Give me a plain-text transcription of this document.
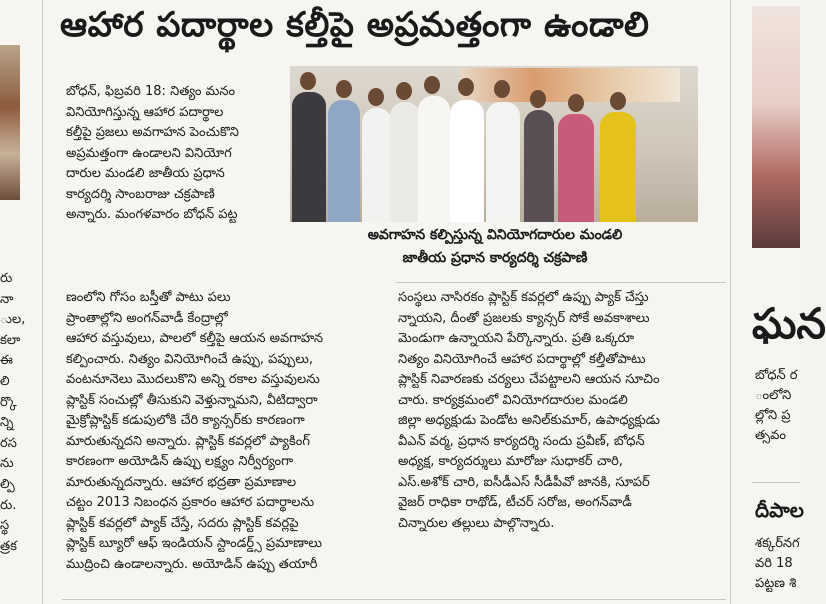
రు
నా
ుల,
కలా
ఈ
లి
ర్కొ
న్ని
రస
ను
ల్పి
రు.
స్థ
త్రక
ఆహార పదార్థాల కల్తీపై అప్రమత్తంగా ఉండాలి
బోధన్, ఫిబ్రవరి 18: నిత్యం మనం
వినియోగిస్తున్న ఆహార పదార్థాల
కల్తీపై ప్రజలు అవగాహన పెంచుకొని
అప్రమత్తంగా ఉండాలని వినియోగ
దారుల మండలి జాతీయ ప్రధాన
కార్యదర్శి సాంబరాజు చక్రపాణి
అన్నారు. మంగళవారం బోధన్ పట్ట
అవగాహన కల్పిస్తున్న వినియోగదారుల మండలి
జాతీయ ప్రధాన కార్యదర్శి చక్రపాణి
ణంలోని గోసం బస్తీతో పాటు పలు
ప్రాంతాల్లోని అంగన్‌వాడీ కేంద్రాల్లో
ఆహార వస్తువులు, పాలలో కల్తీపై ఆయన అవగాహన
కల్పించారు. నిత్యం వినియోగించే ఉప్పు, పప్పులు,
వంటనూనెలు మొదలుకొని అన్ని రకాల వస్తువులను
ప్లాస్టిక్ సంచుల్లో తీసుకుని వెళ్తున్నామని, వీటిద్వారా
మైక్రోప్లాస్టిక్ కడుపులోకి చేరి క్యాన్సర్‌కు కారణంగా
మారుతున్నదని అన్నారు. ప్లాస్టిక్ కవర్లలో ప్యాకింగ్
కారణంగా అయోడిన్ ఉప్పు లక్ష్యం నిర్వీర్యంగా
మారుతున్నదన్నారు. ఆహార భద్రతా ప్రమాణాల
చట్టం 2013 నిబంధన ప్రకారం ఆహార పదార్థాలను
ప్లాస్టిక్ కవర్లలో ప్యాక్ చేస్తే, సదరు ప్లాస్టిక్ కవర్లపై
ప్లాస్టిక్ బ్యూరో ఆఫ్ ఇండియన్ స్టాండర్డ్స్ ప్రమాణాలు
ముద్రించి ఉండాలన్నారు. అయోడిన్ ఉప్పు తయారీ
సంస్థలు నాసిరకం ప్లాస్టిక్ కవర్లలో ఉప్పు ప్యాక్ చేస్తు
న్నాయని, దీంతో ప్రజలకు క్యాన్సర్ సోకే అవకాశాలు
మెండుగా ఉన్నాయని పేర్కొన్నారు. ప్రతి ఒక్కరూ
నిత్యం వినియోగించే ఆహార పదార్థాల్లో కల్తీతోపాటు
ప్లాస్టిక్ నివారణకు చర్యలు చేపట్టాలని ఆయన సూచిం
చారు. కార్యక్రమంలో వినియోగదారుల మండలి
జిల్లా అధ్యక్షుడు పెండోట అనిల్‌కుమార్, ఉపాధ్యక్షుడు
వీఎన్ వర్మ, ప్రధాన కార్యదర్శి సందు ప్రవీణ్, బోధన్
అధ్యక్ష, కార్యదర్శులు మారోజు సుధాకర్ చారి,
ఎస్.అశోక్ చారి, ఐసీడీఎస్ సీడీపీవో జానకి, సూపర్
వైజర్ రాధికా రాథోడ్, టీచర్ సరోజ, అంగన్‌వాడీ
చిన్నారుల తల్లులు పాల్గొన్నారు.
ఘన
బోధన్ ర
ంలోని
ల్లోని ప్ర
త్సవం
దీపాల
శక్కర్‌నగ
వరి 18
పట్టణ శి
